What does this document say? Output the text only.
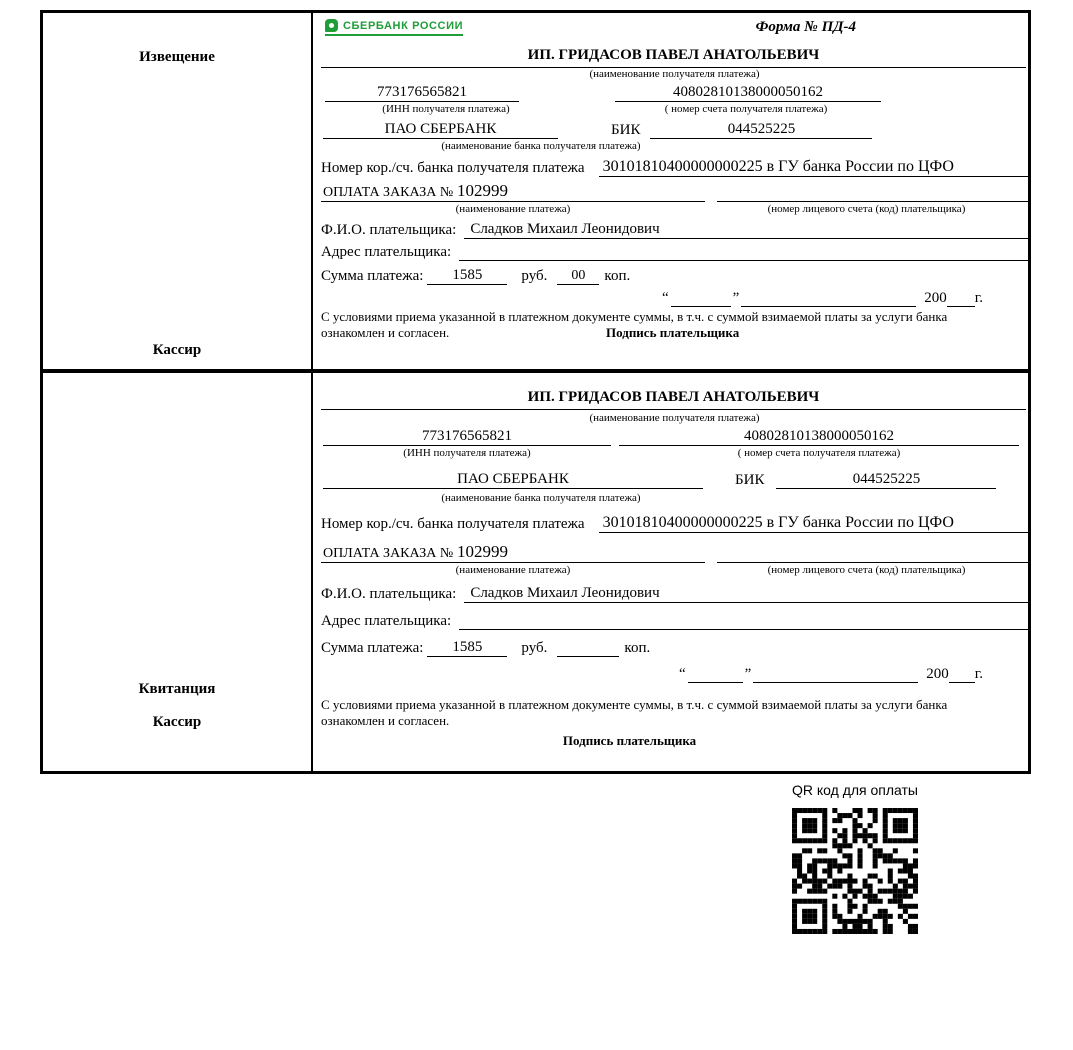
Извещение
Кассир
СБЕРБАНК РОССИИ	Форма № ПД-4
ИП. ГРИДАСОВ ПАВЕЛ АНАТОЛЬЕВИЧ
(наименование получателя платежа)
773176565821	40802810138000050162
(ИНН получателя платежа)	( номер счета получателя платежа)
ПАО СБЕРБАНК	БИК	044525225
(наименование банка получателя платежа)
Номер кор./сч. банка получателя платежа 30101810400000000225 в ГУ банка России по ЦФО
ОПЛАТА ЗАКАЗА № 102999
(наименование платежа)	(номер лицевого счета (код) плательщика)
Ф.И.О. плательщика: Сладков Михаил Леонидович
Адрес плательщика:
Сумма платежа:	1585	руб.	00	коп.
“	”	200 г.
С условиями приема указанной в платежном документе суммы, в т.ч. с суммой взимаемой платы за услуги банка ознакомлен и согласен.	Подпись плательщика
Квитанция
Кассир
ИП. ГРИДАСОВ ПАВЕЛ АНАТОЛЬЕВИЧ
(наименование получателя платежа)
773176565821	40802810138000050162
(ИНН получателя платежа)	( номер счета получателя платежа)
ПАО СБЕРБАНК	БИК	044525225
(наименование банка получателя платежа)
Номер кор./сч. банка получателя платежа 30101810400000000225 в ГУ банка России по ЦФО
ОПЛАТА ЗАКАЗА № 102999
(наименование платежа)	(номер лицевого счета (код) плательщика)
Ф.И.О. плательщика: Сладков Михаил Леонидович
Адрес плательщика:
Сумма платежа:	1585	руб.	коп.
“	”	200 г.
С условиями приема указанной в платежном документе суммы, в т.ч. с суммой взимаемой платы за услуги банка ознакомлен и согласен.
Подпись плательщика
QR код для оплаты
